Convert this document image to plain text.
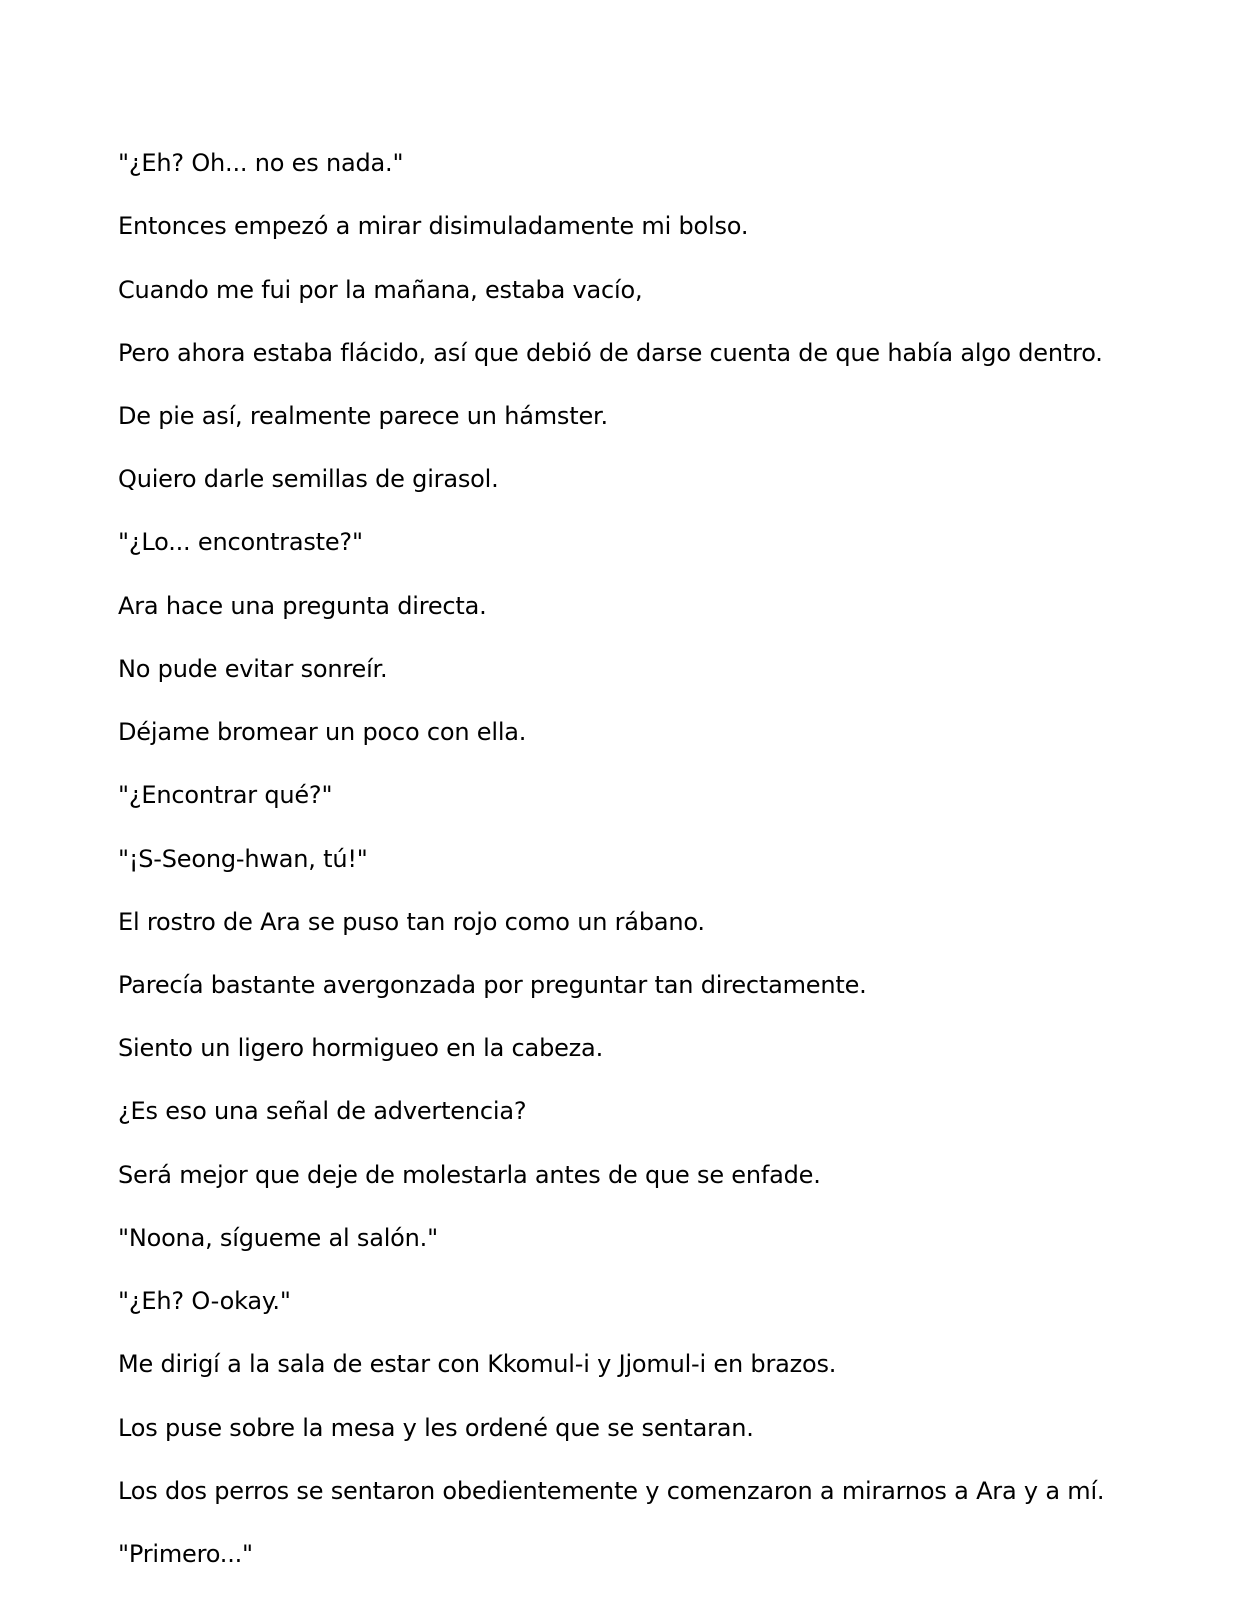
"¿Eh? Oh... no es nada."

Entonces empezó a mirar disimuladamente mi bolso.

Cuando me fui por la mañana, estaba vacío,

Pero ahora estaba flácido, así que debió de darse cuenta de que había algo dentro.

De pie así, realmente parece un hámster.

Quiero darle semillas de girasol.

"¿Lo... encontraste?"

Ara hace una pregunta directa.

No pude evitar sonreír.

Déjame bromear un poco con ella.

"¿Encontrar qué?"

"¡S-Seong-hwan, tú!"

El rostro de Ara se puso tan rojo como un rábano.

Parecía bastante avergonzada por preguntar tan directamente.

Siento un ligero hormigueo en la cabeza.

¿Es eso una señal de advertencia?

Será mejor que deje de molestarla antes de que se enfade.

"Noona, sígueme al salón."

"¿Eh? O-okay."

Me dirigí a la sala de estar con Kkomul-i y Jjomul-i en brazos.

Los puse sobre la mesa y les ordené que se sentaran.

Los dos perros se sentaron obedientemente y comenzaron a mirarnos a Ara y a mí.

"Primero..."
